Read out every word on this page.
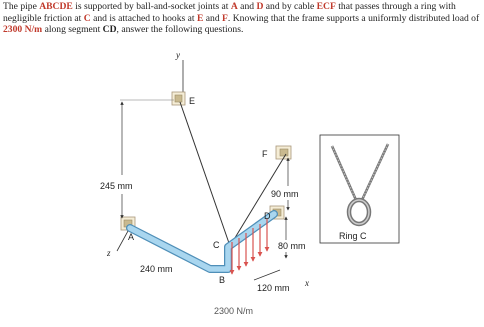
The pipe ABCDE is supported by ball-and-socket joints at A and D and by cable ECF that passes through a ring with negligible friction at C and is attached to hooks at E and F. Knowing that the frame supports a uniformly distributed load of 2300 N/m along segment CD, answer the following questions.

y
E
F
D
A
C
B
z
x
245 mm
240 mm
90 mm
80 mm
120 mm
2300 N/m
Ring C
